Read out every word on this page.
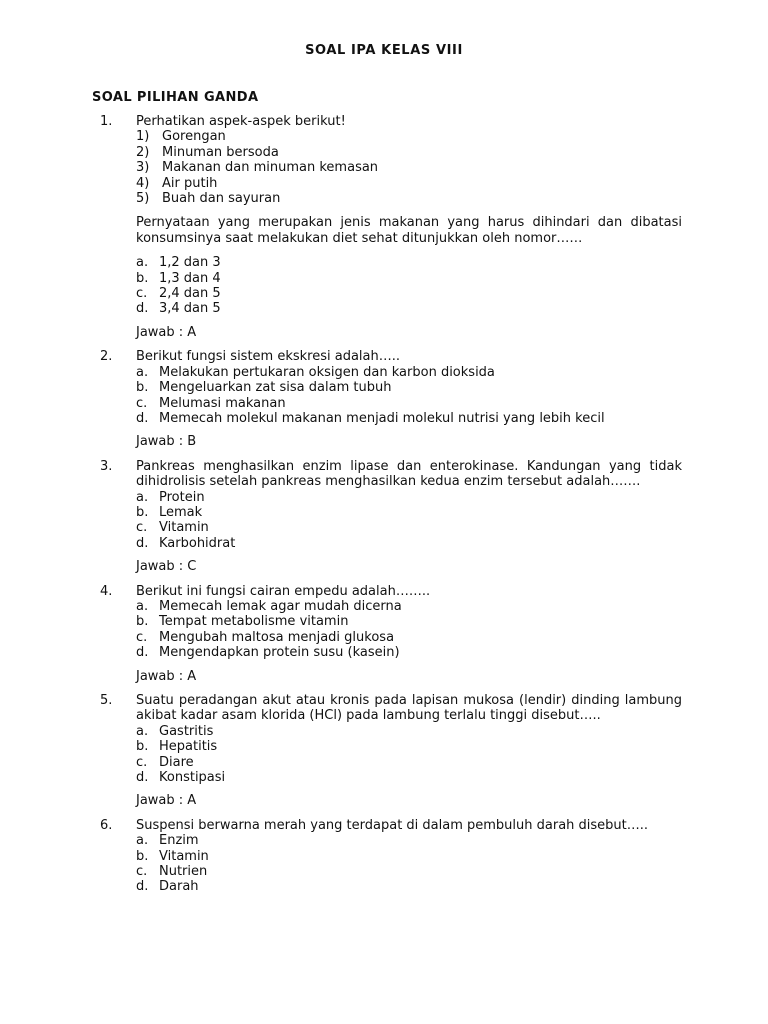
SOAL IPA KELAS VIII
SOAL PILIHAN GANDA
1. Perhatikan aspek-aspek berikut!
1) Gorengan
2) Minuman bersoda
3) Makanan dan minuman kemasan
4) Air putih
5) Buah dan sayuran
Pernyataan yang merupakan jenis makanan yang harus dihindari dan dibatasi konsumsinya saat melakukan diet sehat ditunjukkan oleh nomor……
a. 1,2 dan 3
b. 1,3 dan 4
c. 2,4 dan 5
d. 3,4 dan 5
Jawab : A
2. Berikut fungsi sistem ekskresi adalah…..
a. Melakukan pertukaran oksigen dan karbon dioksida
b. Mengeluarkan zat sisa dalam tubuh
c. Melumasi makanan
d. Memecah molekul makanan menjadi molekul nutrisi yang lebih kecil
Jawab : B
3. Pankreas menghasilkan enzim lipase dan enterokinase. Kandungan yang tidak dihidrolisis setelah pankreas menghasilkan kedua enzim tersebut adalah…….
a. Protein
b. Lemak
c. Vitamin
d. Karbohidrat
Jawab : C
4. Berikut ini fungsi cairan empedu adalah……..
a. Memecah lemak agar mudah dicerna
b. Tempat metabolisme vitamin
c. Mengubah maltosa menjadi glukosa
d. Mengendapkan protein susu (kasein)
Jawab : A
5. Suatu peradangan akut atau kronis pada lapisan mukosa (lendir) dinding lambung akibat kadar asam klorida (HCl) pada lambung terlalu tinggi disebut…..
a. Gastritis
b. Hepatitis
c. Diare
d. Konstipasi
Jawab : A
6. Suspensi berwarna merah yang terdapat di dalam pembuluh darah disebut…..
a. Enzim
b. Vitamin
c. Nutrien
d. Darah
